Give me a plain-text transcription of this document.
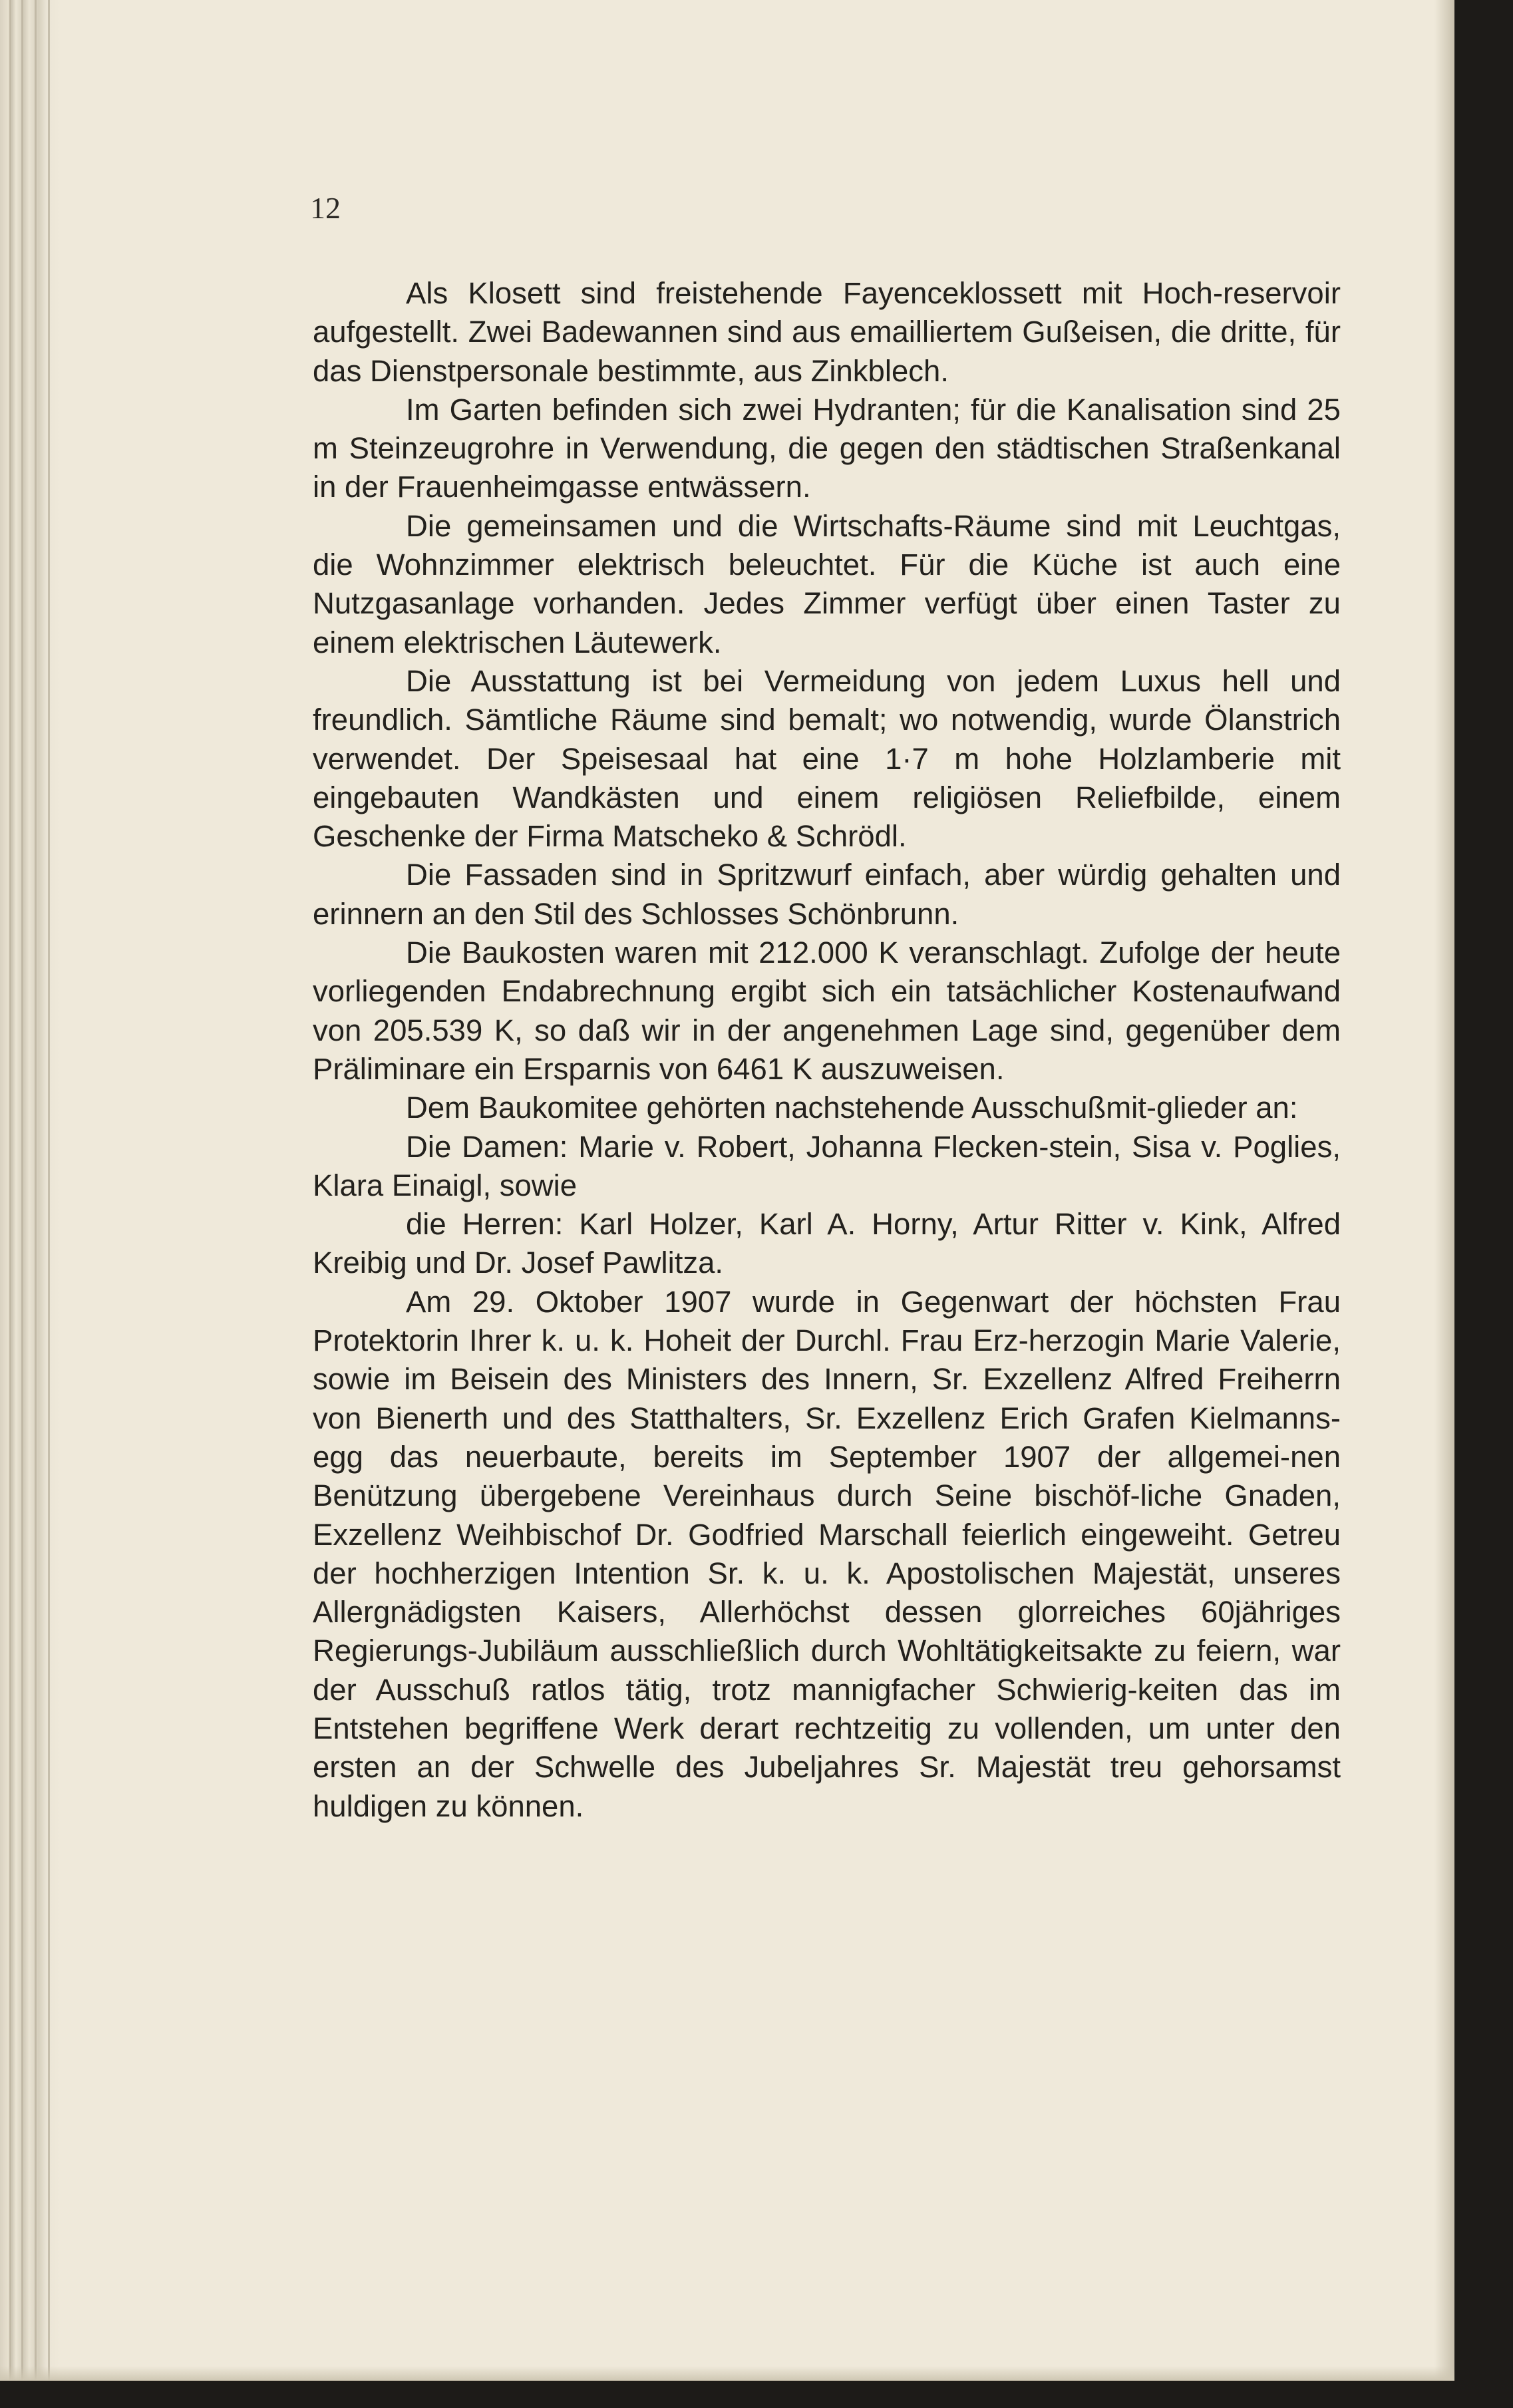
12

Als Klosett sind freistehende Fayenceklossett mit Hoch-reservoir aufgestellt. Zwei Badewannen sind aus emailliertem Gußeisen, die dritte, für das Dienstpersonale bestimmte, aus Zinkblech.

Im Garten befinden sich zwei Hydranten; für die Kanalisation sind 25 m Steinzeugrohre in Verwendung, die gegen den städtischen Straßenkanal in der Frauenheimgasse entwässern.

Die gemeinsamen und die Wirtschafts-Räume sind mit Leuchtgas, die Wohnzimmer elektrisch beleuchtet. Für die Küche ist auch eine Nutzgasanlage vorhanden. Jedes Zimmer verfügt über einen Taster zu einem elektrischen Läutewerk.

Die Ausstattung ist bei Vermeidung von jedem Luxus hell und freundlich. Sämtliche Räume sind bemalt; wo notwendig, wurde Ölanstrich verwendet. Der Speisesaal hat eine 1·7 m hohe Holzlamberie mit eingebauten Wandkästen und einem religiösen Reliefbilde, einem Geschenke der Firma Matscheko & Schrödl.

Die Fassaden sind in Spritzwurf einfach, aber würdig gehalten und erinnern an den Stil des Schlosses Schönbrunn.

Die Baukosten waren mit 212.000 K veranschlagt. Zufolge der heute vorliegenden Endabrechnung ergibt sich ein tatsächlicher Kostenaufwand von 205.539 K, so daß wir in der angenehmen Lage sind, gegenüber dem Präliminare ein Ersparnis von 6461 K auszuweisen.

Dem Baukomitee gehörten nachstehende Ausschußmit-glieder an:

Die Damen: Marie v. Robert, Johanna Flecken-stein, Sisa v. Poglies, Klara Einaigl, sowie

die Herren: Karl Holzer, Karl A. Horny, Artur Ritter v. Kink, Alfred Kreibig und Dr. Josef Pawlitza.

Am 29. Oktober 1907 wurde in Gegenwart der höchsten Frau Protektorin Ihrer k. u. k. Hoheit der Durchl. Frau Erz-herzogin Marie Valerie, sowie im Beisein des Ministers des Innern, Sr. Exzellenz Alfred Freiherrn von Bienerth und des Statthalters, Sr. Exzellenz Erich Grafen Kielmanns-egg das neuerbaute, bereits im September 1907 der allgemei-nen Benützung übergebene Vereinhaus durch Seine bischöf-liche Gnaden, Exzellenz Weihbischof Dr. Godfried Marschall feierlich eingeweiht. Getreu der hochherzigen Intention Sr. k. u. k. Apostolischen Majestät, unseres Allergnädigsten Kaisers, Allerhöchst dessen glorreiches 60jähriges Regierungs-Jubiläum ausschließlich durch Wohltätigkeitsakte zu feiern, war der Ausschuß ratlos tätig, trotz mannigfacher Schwierig-keiten das im Entstehen begriffene Werk derart rechtzeitig zu vollenden, um unter den ersten an der Schwelle des Jubeljahres Sr. Majestät treu gehorsamst huldigen zu können.
